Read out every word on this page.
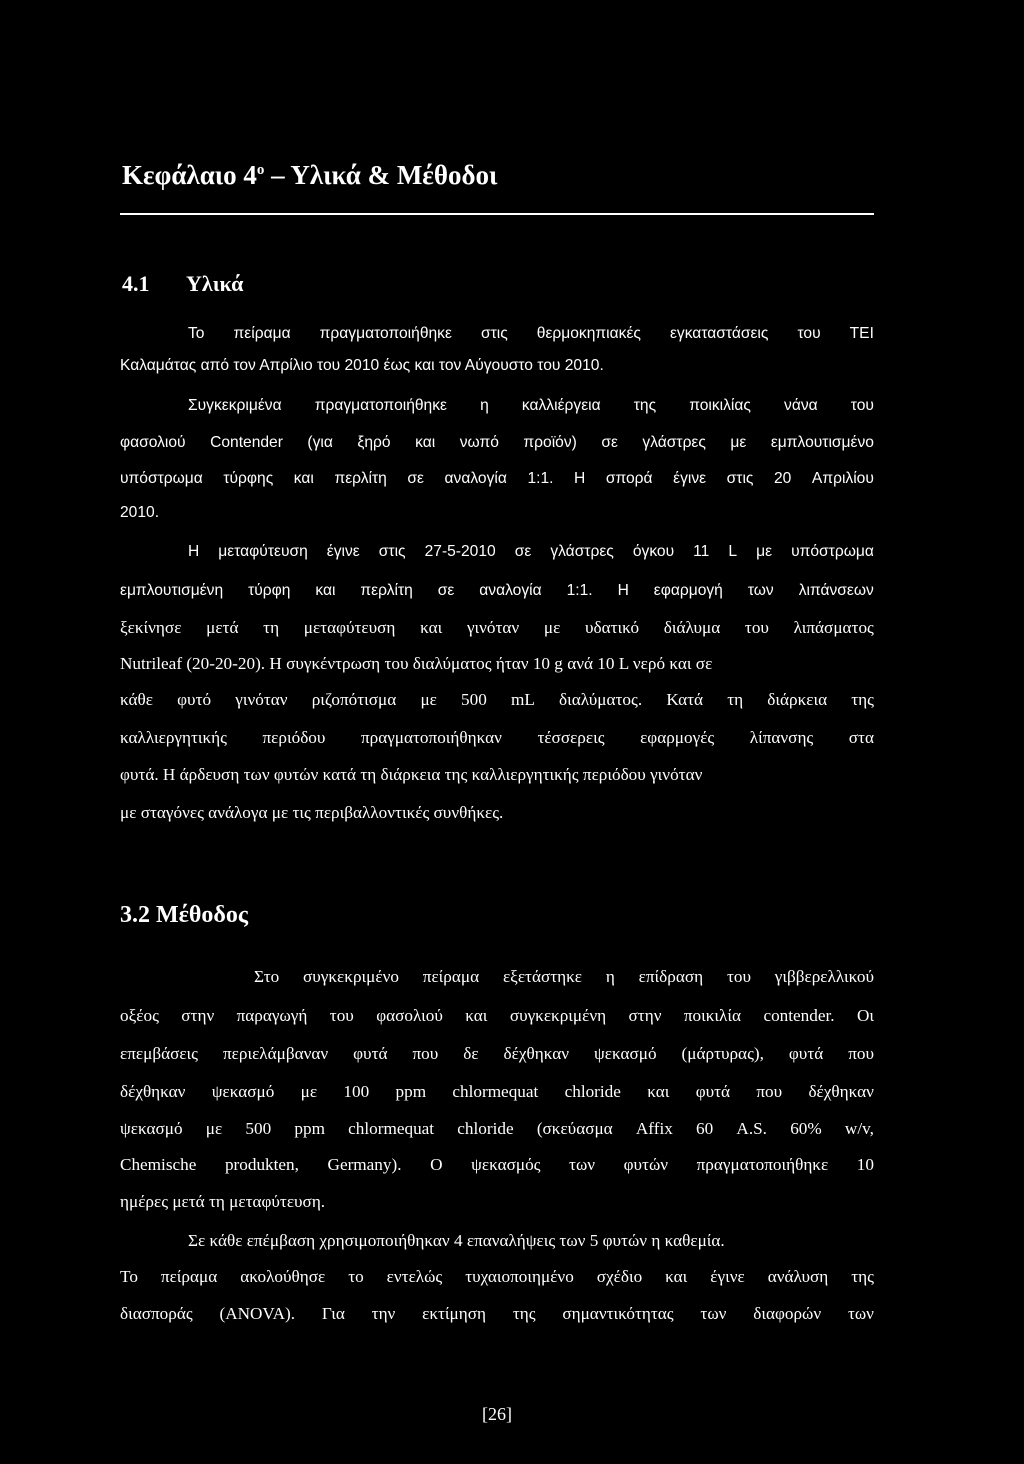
Κεφάλαιο $4^o$ – Υλικά & Μέθοδοι
4.1 Υλικά
Το πείραμα πραγματοποιήθηκε στις θερμοκηπιακές εγκαταστάσεις του ΤΕΙ
Καλαμάτας από τον Απρίλιο του 2010 έως και τον Αύγουστο του 2010.
Συγκεκριμένα πραγματοποιήθηκε η καλλιέργεια της ποικιλίας νάνα του
φασολιού Contender (για ξηρό και νωπό προϊόν) σε γλάστρες με εμπλουτισμένο
υπόστρωμα τύρφης και περλίτη σε αναλογία 1:1. Η σπορά έγινε στις 20 Απριλίου
2010.
Η μεταφύτευση έγινε στις 27-5-2010 σε γλάστρες όγκου 11 L με υπόστρωμα
εμπλουτισμένη τύρφη και περλίτη σε αναλογία 1:1. Η εφαρμογή των λιπάνσεων
ξεκίνησε μετά τη μεταφύτευση και γινόταν με υδατικό διάλυμα του λιπάσματος
Nutrileaf (20-20-20). Η συγκέντρωση του διαλύματος ήταν 10 g ανά 10 L νερό και σε
κάθε φυτό γινόταν ριζοπότισμα με 500 mL διαλύματος. Κατά τη διάρκεια της
καλλιεργητικής περιόδου πραγματοποιήθηκαν τέσσερεις εφαρμογές λίπανσης στα
φυτά. Η άρδευση των φυτών κατά τη διάρκεια της καλλιεργητικής περιόδου γινόταν
με σταγόνες ανάλογα με τις περιβαλλοντικές συνθήκες.
3.2 Μέθοδος
Στο συγκεκριμένο πείραμα εξετάστηκε η επίδραση του γιββερελλικού
οξέος στην παραγωγή του φασολιού και συγκεκριμένη στην ποικιλία contender. Οι
επεμβάσεις περιελάμβαναν φυτά που δε δέχθηκαν ψεκασμό (μάρτυρας), φυτά που
δέχθηκαν ψεκασμό με 100 ppm chlormequat chloride και φυτά που δέχθηκαν
ψεκασμό με 500 ppm chlormequat chloride (σκεύασμα Affix 60 A.S. 60% w/v,
Chemische produkten, Germany). Ο ψεκασμός των φυτών πραγματοποιήθηκε 10
ημέρες μετά τη μεταφύτευση.
Σε κάθε επέμβαση χρησιμοποιήθηκαν 4 επαναλήψεις των 5 φυτών η καθεμία.
Το πείραμα ακολούθησε το εντελώς τυχαιοποιημένο σχέδιο και έγινε ανάλυση της
διασποράς (ANOVA). Για την εκτίμηση της σημαντικότητας των διαφορών των
[26]
